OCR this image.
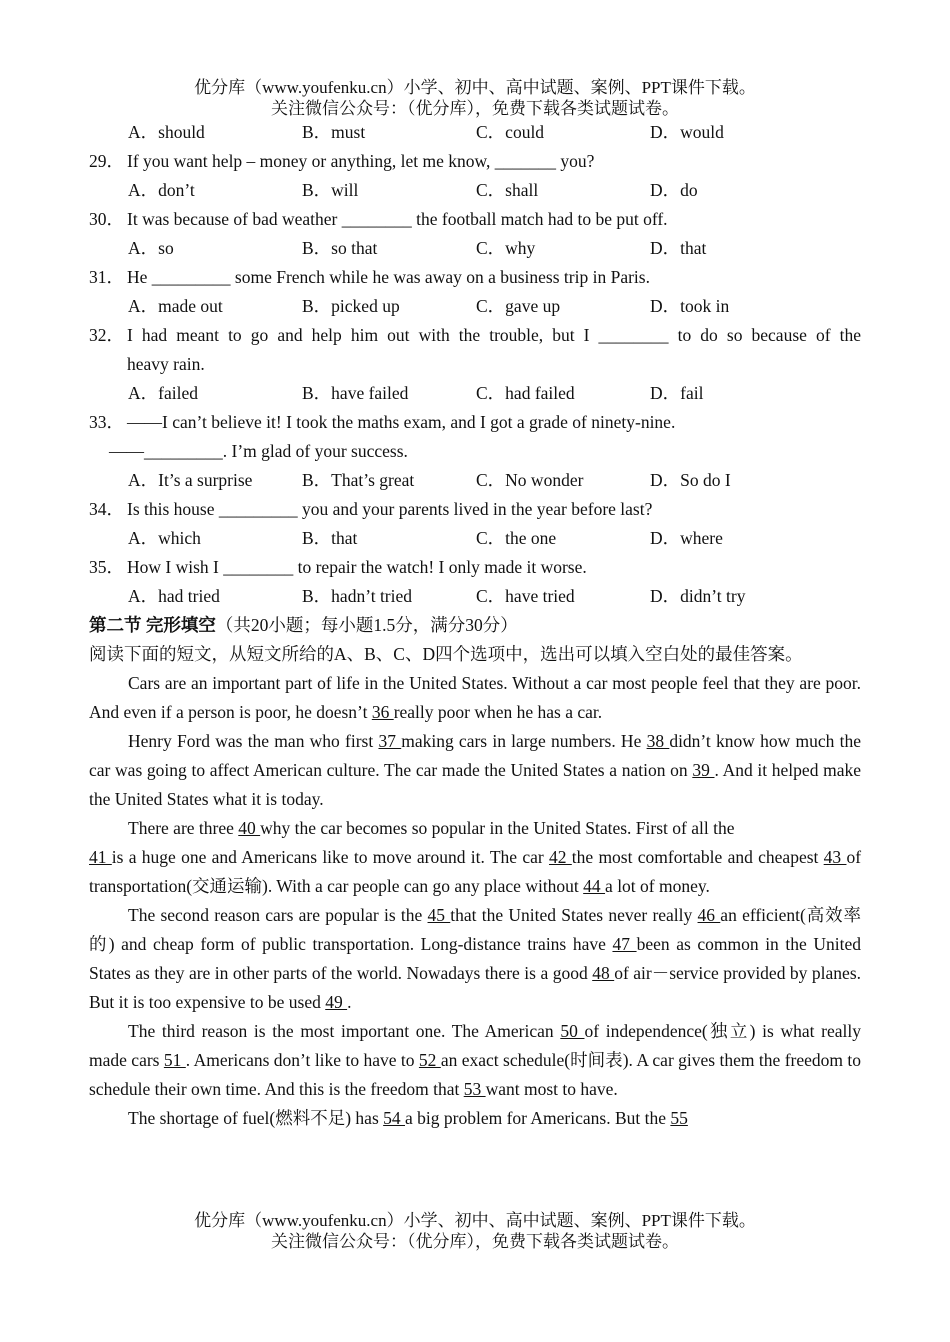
优分库（www.youfenku.cn）小学、初中、高中试题、案例、PPT课件下载。
关注微信公众号：（优分库），免费下载各类试题试卷。
A．should	B．must	C．could	D．would
29． If you want help – money or anything, let me know, _______ you?
A．don’t	B．will	C．shall	D．do
30． It was because of bad weather ________ the football match had to be put off.
A．so	B．so that	C．why	D．that
31． He _________ some French while he was away on a business trip in Paris.
A．made out	B．picked up	C．gave up	D．took in
32． I had meant to go and help him out with the trouble, but I ________ to do so because of the
heavy rain.
A．failed	B．have failed	C．had failed	D．fail
33． ——I can’t believe it! I took the maths exam, and I got a grade of ninety-nine.
——_________. I’m glad of your success.
A．It’s a surprise	B．That’s great	C．No wonder	D．So do I
34． Is this house _________ you and your parents lived in the year before last?
A．which	B．that	C．the one	D．where
35． How I wish I ________ to repair the watch! I only made it worse.
A．had tried	B．hadn’t tried	C．have tried	D．didn’t try
第二节 完形填空（共20小题；每小题1.5分，满分30分）
阅读下面的短文，从短文所给的A、B、C、D四个选项中，选出可以填入空白处的最佳答案。
Cars are an important part of life in the United States. Without a car most people feel that they are poor. And even if a person is poor, he doesn’t 36 really poor when he has a car.
Henry Ford was the man who first 37 making cars in large numbers. He 38 didn’t know how much the car was going to affect American culture. The car made the United States a nation on 39 . And it helped make the United States what it is today.
There are three 40 why the car becomes so popular in the United States. First of all the
41 is a huge one and Americans like to move around it. The car 42 the most comfortable and cheapest 43 of transportation(交通运输). With a car people can go any place without 44 a lot of money.
The second reason cars are popular is the 45 that the United States never really 46 an efficient(高效率的) and cheap form of public transportation. Long-distance trains have 47 been as common in the United States as they are in other parts of the world. Nowadays there is a good 48 of air－service provided by planes. But it is too expensive to be used 49 .
The third reason is the most important one. The American 50 of independence(独立) is what really made cars 51 . Americans don’t like to have to 52 an exact schedule(时间表). A car gives them the freedom to schedule their own time. And this is the freedom that 53 want most to have.
The shortage of fuel(燃料不足) has 54 a big problem for Americans. But the 55
优分库（www.youfenku.cn）小学、初中、高中试题、案例、PPT课件下载。
关注微信公众号：（优分库），免费下载各类试题试卷。
